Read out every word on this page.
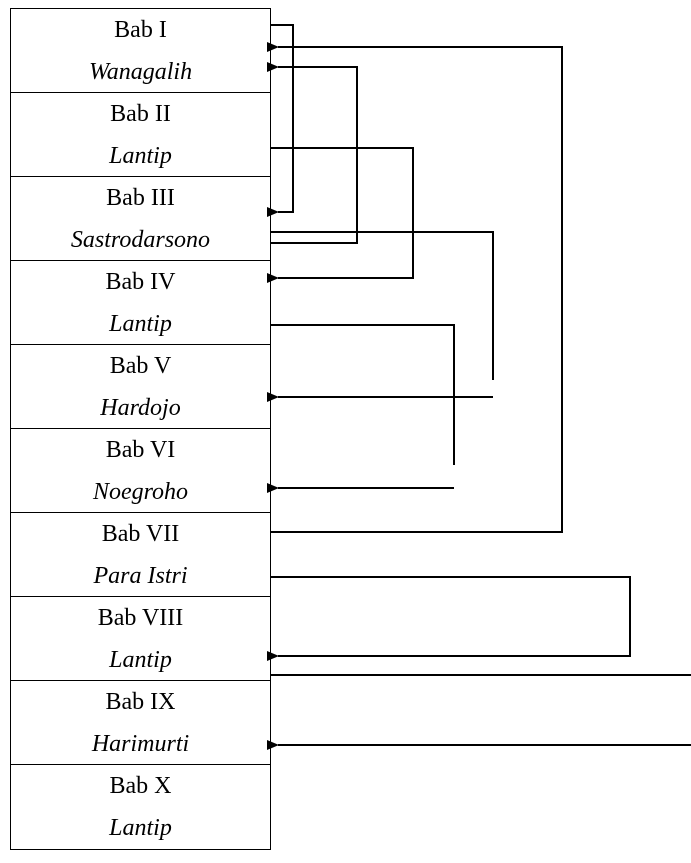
Bab I
Wanagalih
Bab II
Lantip
Bab III
Sastrodarsono
Bab IV
Lantip
Bab V
Hardojo
Bab VI
Noegroho
Bab VII
Para Istri
Bab VIII
Lantip
Bab IX
Harimurti
Bab X
Lantip
